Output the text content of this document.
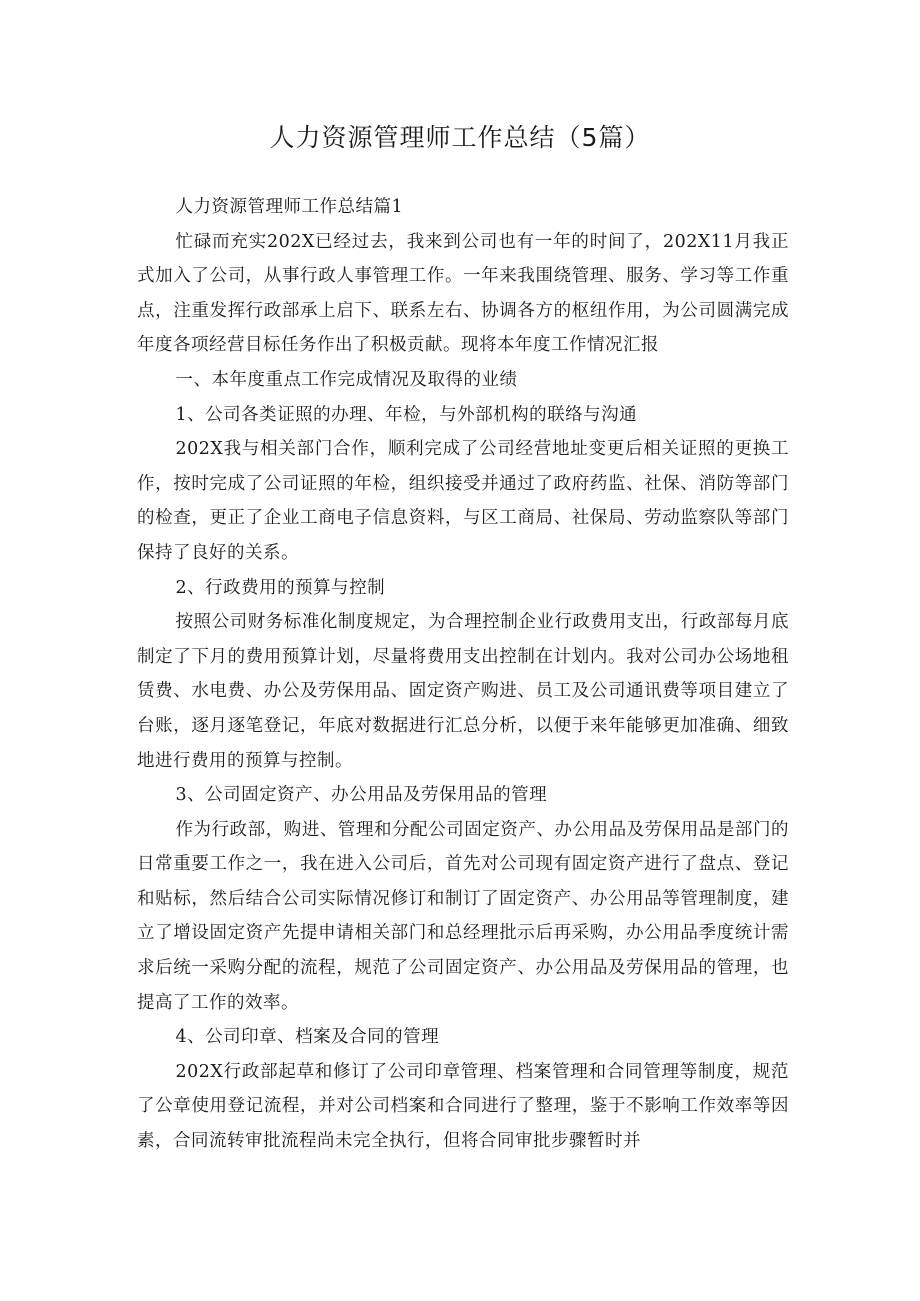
人力资源管理师工作总结（5篇）

人力资源管理师工作总结篇1

忙碌而充实202X已经过去，我来到公司也有一年的时间了，202X11月我正式加入了公司，从事行政人事管理工作。一年来我围绕管理、服务、学习等工作重点，注重发挥行政部承上启下、联系左右、协调各方的枢纽作用，为公司圆满完成年度各项经营目标任务作出了积极贡献。现将本年度工作情况汇报

一、本年度重点工作完成情况及取得的业绩

1、公司各类证照的办理、年检，与外部机构的联络与沟通

202X我与相关部门合作，顺利完成了公司经营地址变更后相关证照的更换工作，按时完成了公司证照的年检，组织接受并通过了政府药监、社保、消防等部门的检查，更正了企业工商电子信息资料，与区工商局、社保局、劳动监察队等部门保持了良好的关系。

2、行政费用的预算与控制

按照公司财务标准化制度规定，为合理控制企业行政费用支出，行政部每月底制定了下月的费用预算计划，尽量将费用支出控制在计划内。我对公司办公场地租赁费、水电费、办公及劳保用品、固定资产购进、员工及公司通讯费等项目建立了台账，逐月逐笔登记，年底对数据进行汇总分析，以便于来年能够更加准确、细致地进行费用的预算与控制。

3、公司固定资产、办公用品及劳保用品的管理

作为行政部，购进、管理和分配公司固定资产、办公用品及劳保用品是部门的日常重要工作之一，我在进入公司后，首先对公司现有固定资产进行了盘点、登记和贴标，然后结合公司实际情况修订和制订了固定资产、办公用品等管理制度，建立了增设固定资产先提申请相关部门和总经理批示后再采购，办公用品季度统计需求后统一采购分配的流程，规范了公司固定资产、办公用品及劳保用品的管理，也提高了工作的效率。

4、公司印章、档案及合同的管理

202X行政部起草和修订了公司印章管理、档案管理和合同管理等制度，规范了公章使用登记流程，并对公司档案和合同进行了整理，鉴于不影响工作效率等因素，合同流转审批流程尚未完全执行，但将合同审批步骤暂时并
